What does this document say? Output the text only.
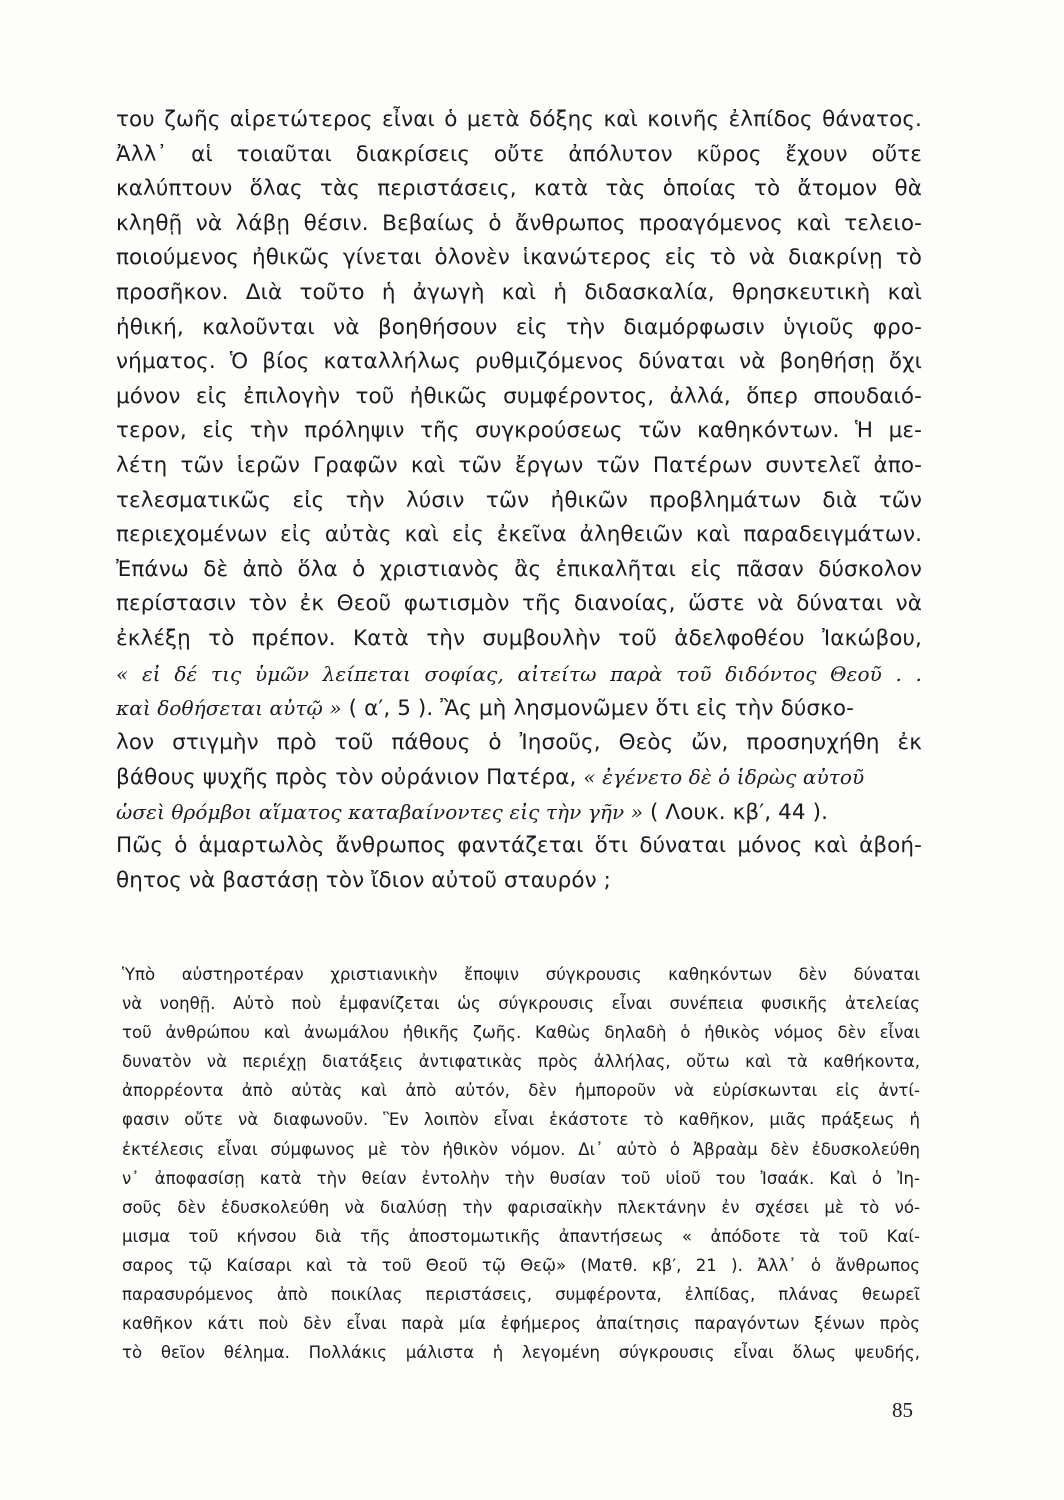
του ζωῆς αἱρετώτερος εἶναι ὁ μετὰ δόξης καὶ κοινῆς ἐλπίδος θάνατος.
Ἀλλ᾽ αἱ τοιαῦται διακρίσεις οὔτε ἀπόλυτον κῦρος ἔχουν οὔτε
καλύπτουν ὅλας τὰς περιστάσεις, κατὰ τὰς ὁποίας τὸ ἄτομον θὰ
κληθῇ νὰ λάβῃ θέσιν. Βεβαίως ὁ ἄνθρωπος προαγόμενος καὶ τελειο-
ποιούμενος ἠθικῶς γίνεται ὁλονὲν ἱκανώτερος εἰς τὸ νὰ διακρίνῃ τὸ
προσῆκον. Διὰ τοῦτο ἡ ἀγωγὴ καὶ ἡ διδασκαλία, θρησκευτικὴ καὶ
ἠθική, καλοῦνται νὰ βοηθήσουν εἰς τὴν διαμόρφωσιν ὑγιοῦς φρο-
νήματος. Ὁ βίος καταλλήλως ρυθμιζόμενος δύναται νὰ βοηθήσῃ ὄχι
μόνον εἰς ἐπιλογὴν τοῦ ἠθικῶς συμφέροντος, ἀλλά, ὅπερ σπουδαιό-
τερον, εἰς τὴν πρόληψιν τῆς συγκρούσεως τῶν καθηκόντων. Ἡ με-
λέτη τῶν ἱερῶν Γραφῶν καὶ τῶν ἔργων τῶν Πατέρων συντελεῖ ἀπο-
τελεσματικῶς εἰς τὴν λύσιν τῶν ἠθικῶν προβλημάτων διὰ τῶν
περιεχομένων εἰς αὐτὰς καὶ εἰς ἐκεῖνα ἀληθειῶν καὶ παραδειγμάτων.
Ἐπάνω δὲ ἀπὸ ὅλα ὁ χριστιανὸς ἂς ἐπικαλῆται εἰς πᾶσαν δύσκολον
περίστασιν τὸν ἐκ Θεοῦ φωτισμὸν τῆς διανοίας, ὥστε νὰ δύναται νὰ
ἐκλέξῃ τὸ πρέπον. Κατὰ τὴν συμβουλὴν τοῦ ἀδελφοθέου Ἰακώβου,
« εἰ δέ τις ὑμῶν λείπεται σοφίας, αἰτείτω παρὰ τοῦ διδόντος Θεοῦ . .
καὶ δοθήσεται αὐτῷ » ( α′, 5 ). Ἂς μὴ λησμονῶμεν ὅτι εἰς τὴν δύσκο-
λον στιγμὴν πρὸ τοῦ πάθους ὁ Ἰησοῦς, Θεὸς ὤν, προσηυχήθη ἐκ
βάθους ψυχῆς πρὸς τὸν οὐράνιον Πατέρα, « ἐγένετο δὲ ὁ ἱδρὼς αὐτοῦ
ὡσεὶ θρόμβοι αἵματος καταβαίνοντες εἰς τὴν γῆν » ( Λουκ. κβ′, 44 ).
Πῶς ὁ ἁμαρτωλὸς ἄνθρωπος φαντάζεται ὅτι δύναται μόνος καὶ ἀβοή-
θητος νὰ βαστάσῃ τὸν ἴδιον αὐτοῦ σταυρόν ;
Ὑπὸ αὐστηροτέραν χριστιανικὴν ἔποψιν σύγκρουσις καθηκόντων δὲν δύναται
νὰ νοηθῇ. Αὐτὸ ποὺ ἐμφανίζεται ὡς σύγκρουσις εἶναι συνέπεια φυσικῆς ἀτελείας
τοῦ ἀνθρώπου καὶ ἀνωμάλου ἠθικῆς ζωῆς. Καθὼς δηλαδὴ ὁ ἠθικὸς νόμος δὲν εἶναι
δυνατὸν νὰ περιέχῃ διατάξεις ἀντιφατικὰς πρὸς ἀλλήλας, οὔτω καὶ τὰ καθήκοντα,
ἀπορρέοντα ἀπὸ αὐτὰς καὶ ἀπὸ αὐτόν, δὲν ἠμποροῦν νὰ εὑρίσκωνται εἰς ἀντί-
φασιν οὔτε νὰ διαφωνοῦν. Ἓν λοιπὸν εἶναι ἑκάστοτε τὸ καθῆκον, μιᾶς πράξεως ἡ
ἐκτέλεσις εἶναι σύμφωνος μὲ τὸν ἠθικὸν νόμον. Δι᾽ αὐτὸ ὁ Ἀβραὰμ δὲν ἐδυσκολεύθη
ν᾽ ἀποφασίσῃ κατὰ τὴν θείαν ἐντολὴν τὴν θυσίαν τοῦ υἱοῦ του Ἰσαάκ. Καὶ ὁ Ἰη-
σοῦς δὲν ἐδυσκολεύθη νὰ διαλύσῃ τὴν φαρισαϊκὴν πλεκτάνην ἐν σχέσει μὲ τὸ νό-
μισμα τοῦ κήνσου διὰ τῆς ἀποστομωτικῆς ἀπαντήσεως « ἀπόδοτε τὰ τοῦ Καί-
σαρος τῷ Καίσαρι καὶ τὰ τοῦ Θεοῦ τῷ Θεῷ» (Ματθ. κβ′, 21 ). Ἀλλ᾽ ὁ ἄνθρωπος
παρασυρόμενος ἀπὸ ποικίλας περιστάσεις, συμφέροντα, ἐλπίδας, πλάνας θεωρεῖ
καθῆκον κάτι ποὺ δὲν εἶναι παρὰ μία ἐφήμερος ἀπαίτησις παραγόντων ξένων πρὸς
τὸ θεῖον θέλημα. Πολλάκις μάλιστα ἡ λεγομένη σύγκρουσις εἶναι ὅλως ψευδής,
85
